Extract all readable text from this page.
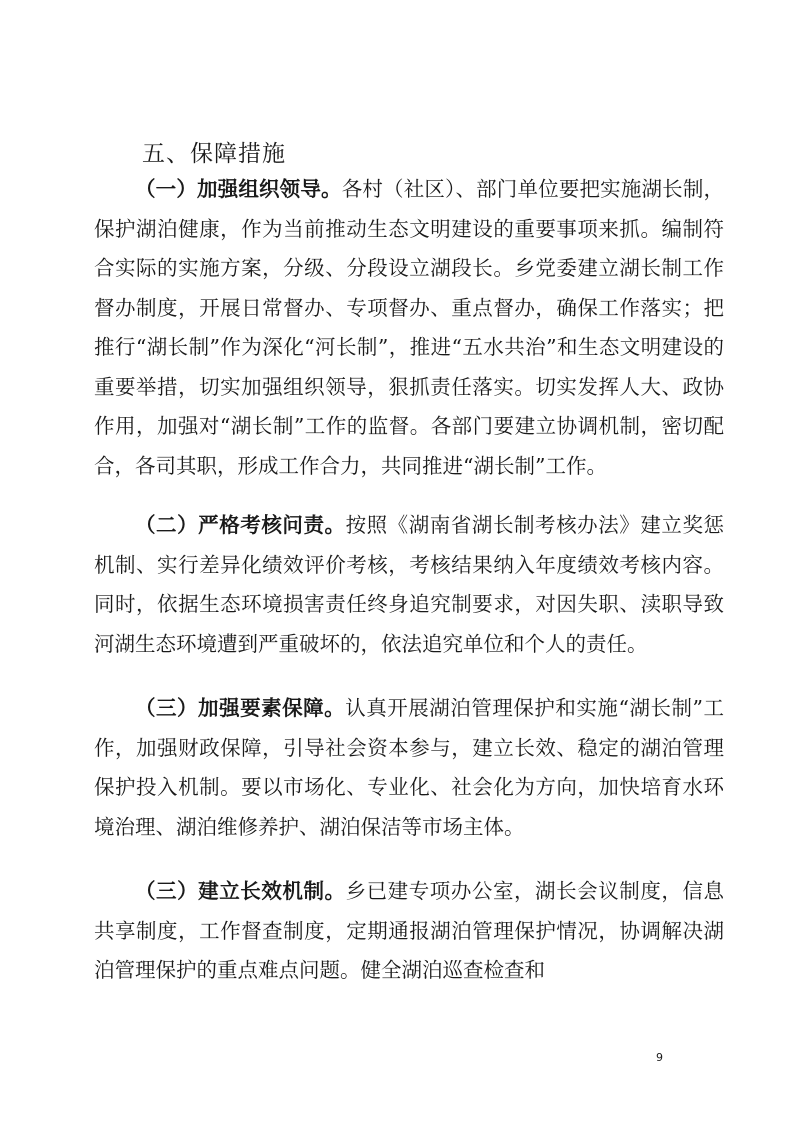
五、保障措施

（一）加强组织领导。各村（社区）、部门单位要把实施湖长制，保护湖泊健康，作为当前推动生态文明建设的重要事项来抓。编制符合实际的实施方案，分级、分段设立湖段长。乡党委建立湖长制工作督办制度，开展日常督办、专项督办、重点督办，确保工作落实；把推行“湖长制”作为深化“河长制”，推进“五水共治”和生态文明建设的重要举措，切实加强组织领导，狠抓责任落实。切实发挥人大、政协作用，加强对“湖长制”工作的监督。各部门要建立协调机制，密切配合，各司其职，形成工作合力，共同推进“湖长制”工作。

（二）严格考核问责。按照《湖南省湖长制考核办法》建立奖惩机制、实行差异化绩效评价考核，考核结果纳入年度绩效考核内容。同时，依据生态环境损害责任终身追究制要求，对因失职、渎职导致河湖生态环境遭到严重破坏的，依法追究单位和个人的责任。

（三）加强要素保障。认真开展湖泊管理保护和实施“湖长制”工作，加强财政保障，引导社会资本参与，建立长效、稳定的湖泊管理保护投入机制。要以市场化、专业化、社会化为方向，加快培育水环境治理、湖泊维修养护、湖泊保洁等市场主体。

（三）建立长效机制。乡已建专项办公室，湖长会议制度，信息共享制度，工作督查制度，定期通报湖泊管理保护情况，协调解决湖泊管理保护的重点难点问题。健全湖泊巡查检查和

9
